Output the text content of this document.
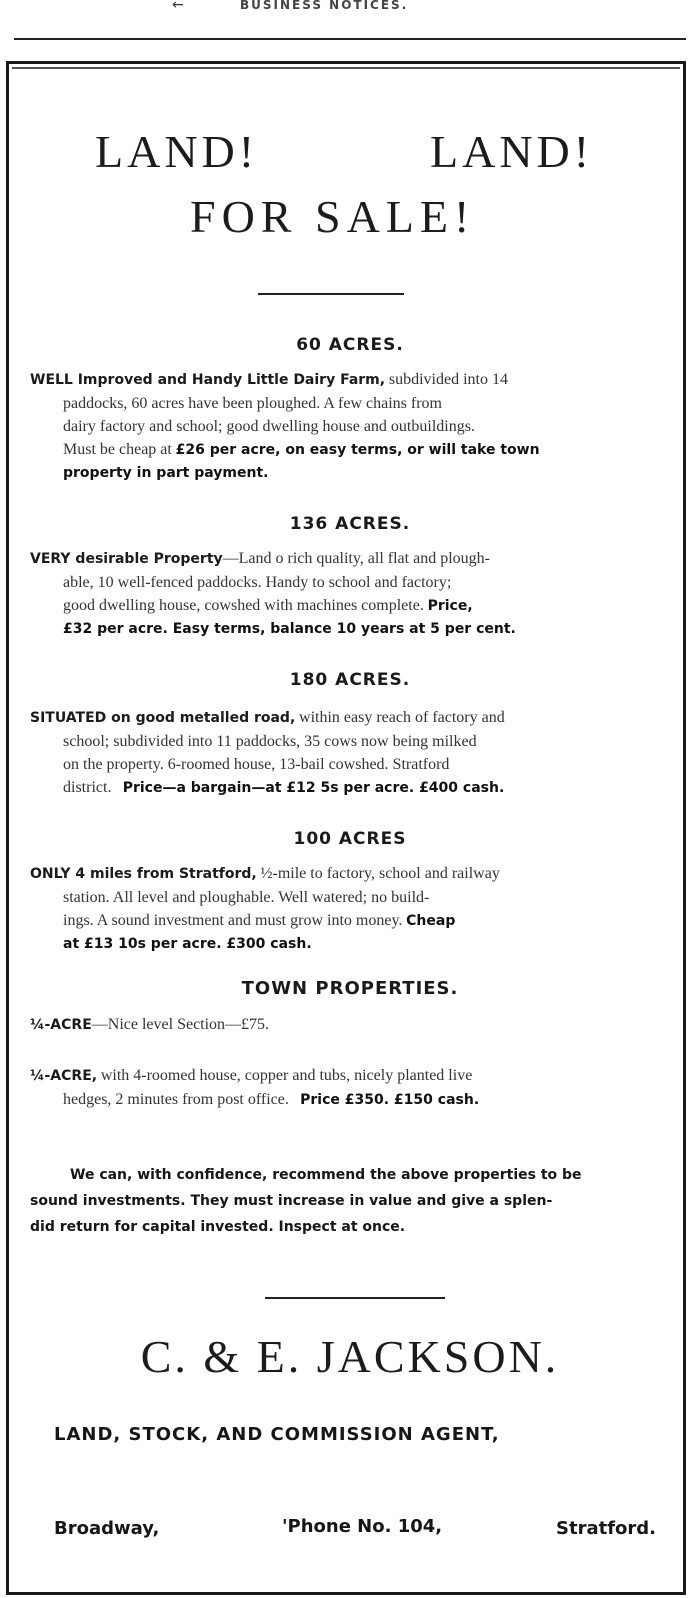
←	BUSINESS NOTICES.
LAND!	LAND!
FOR SALE!
60 ACRES.
WELL Improved and Handy Little Dairy Farm, subdivided into 14
paddocks, 60 acres have been ploughed. A few chains from
dairy factory and school; good dwelling house and outbuildings.
Must be cheap at £26 per acre, on easy terms, or will take town
property in part payment.
136 ACRES.
VERY desirable Property—Land o rich quality, all flat and plough-
able, 10 well-fenced paddocks. Handy to school and factory;
good dwelling house, cowshed with machines complete. Price,
£32 per acre. Easy terms, balance 10 years at 5 per cent.
180 ACRES.
SITUATED on good metalled road, within easy reach of factory and
school; subdivided into 11 paddocks, 35 cows now being milked
on the property. 6-roomed house, 13-bail cowshed. Stratford
district. Price—a bargain—at £12 5s per acre. £400 cash.
100 ACRES
ONLY 4 miles from Stratford, ½-mile to factory, school and railway
station. All level and ploughable. Well watered; no build-
ings. A sound investment and must grow into money. Cheap
at £13 10s per acre. £300 cash.
TOWN PROPERTIES.
¼-ACRE—Nice level Section—£75.
¼-ACRE, with 4-roomed house, copper and tubs, nicely planted live
hedges, 2 minutes from post office. Price £350. £150 cash.
We can, with confidence, recommend the above properties to be
sound investments. They must increase in value and give a splen-
did return for capital invested. Inspect at once.
C. & E. JACKSON.
LAND, STOCK, AND COMMISSION AGENT,
Broadway,	'Phone No. 104,	Stratford.
